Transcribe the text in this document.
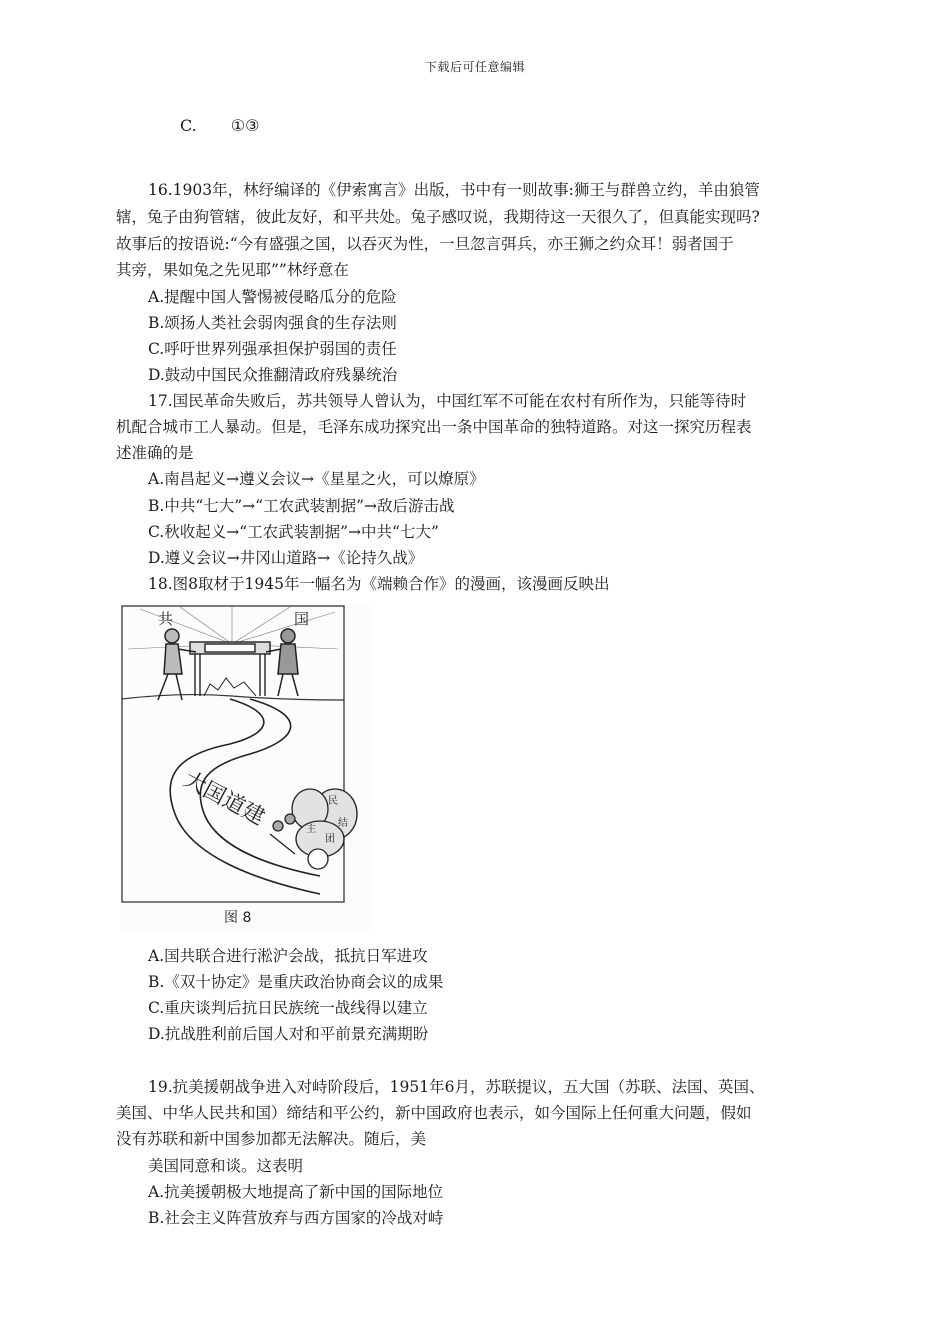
下载后可任意编辑
C. ①③
16.1903年，林纾编译的《伊索寓言》出版，书中有一则故事:狮王与群兽立约，羊由狼管
辖，兔子由狗管辖，彼此友好，和平共处。兔子感叹说，我期待这一天很久了，但真能实现吗?
故事后的按语说:“今有盛强之国，以吞灭为性，一旦忽言弭兵，亦王狮之约众耳！弱者国于
其旁，果如兔之先见耶””林纾意在
A.提醒中国人警惕被侵略瓜分的危险
B.颂扬人类社会弱肉强食的生存法则
C.呼吁世界列强承担保护弱国的责任
D.鼓动中国民众推翻清政府残暴统治
17.国民革命失败后，苏共领导人曾认为，中国红军不可能在农村有所作为，只能等待时
机配合城市工人暴动。但是，毛泽东成功探究出一条中国革命的独特道路。对这一探究历程表
述准确的是
A.南昌起义→遵义会议→《星星之火，可以燎原》
B.中共“七大”→“工农武装割据”→敌后游击战
C.秋收起义→“工农武装割据”→中共“七大”
D.遵义会议→井冈山道路→《论持久战》
18.图8取材于1945年一幅名为《端赖合作》的漫画，该漫画反映出
共	国
大国道建	民
主
团
结
图 8
A.国共联合进行淞沪会战，抵抗日军进攻
B.《双十协定》是重庆政治协商会议的成果
C.重庆谈判后抗日民族统一战线得以建立
D.抗战胜利前后国人对和平前景充满期盼
19.抗美援朝战争进入对峙阶段后，1951年6月，苏联提议，五大国（苏联、法国、英国、
美国、中华人民共和国）缔结和平公约，新中国政府也表示，如今国际上任何重大问题，假如
没有苏联和新中国参加都无法解决。随后，美
美国同意和谈。这表明
A.抗美援朝极大地提高了新中国的国际地位
B.社会主义阵营放弃与西方国家的冷战对峙
